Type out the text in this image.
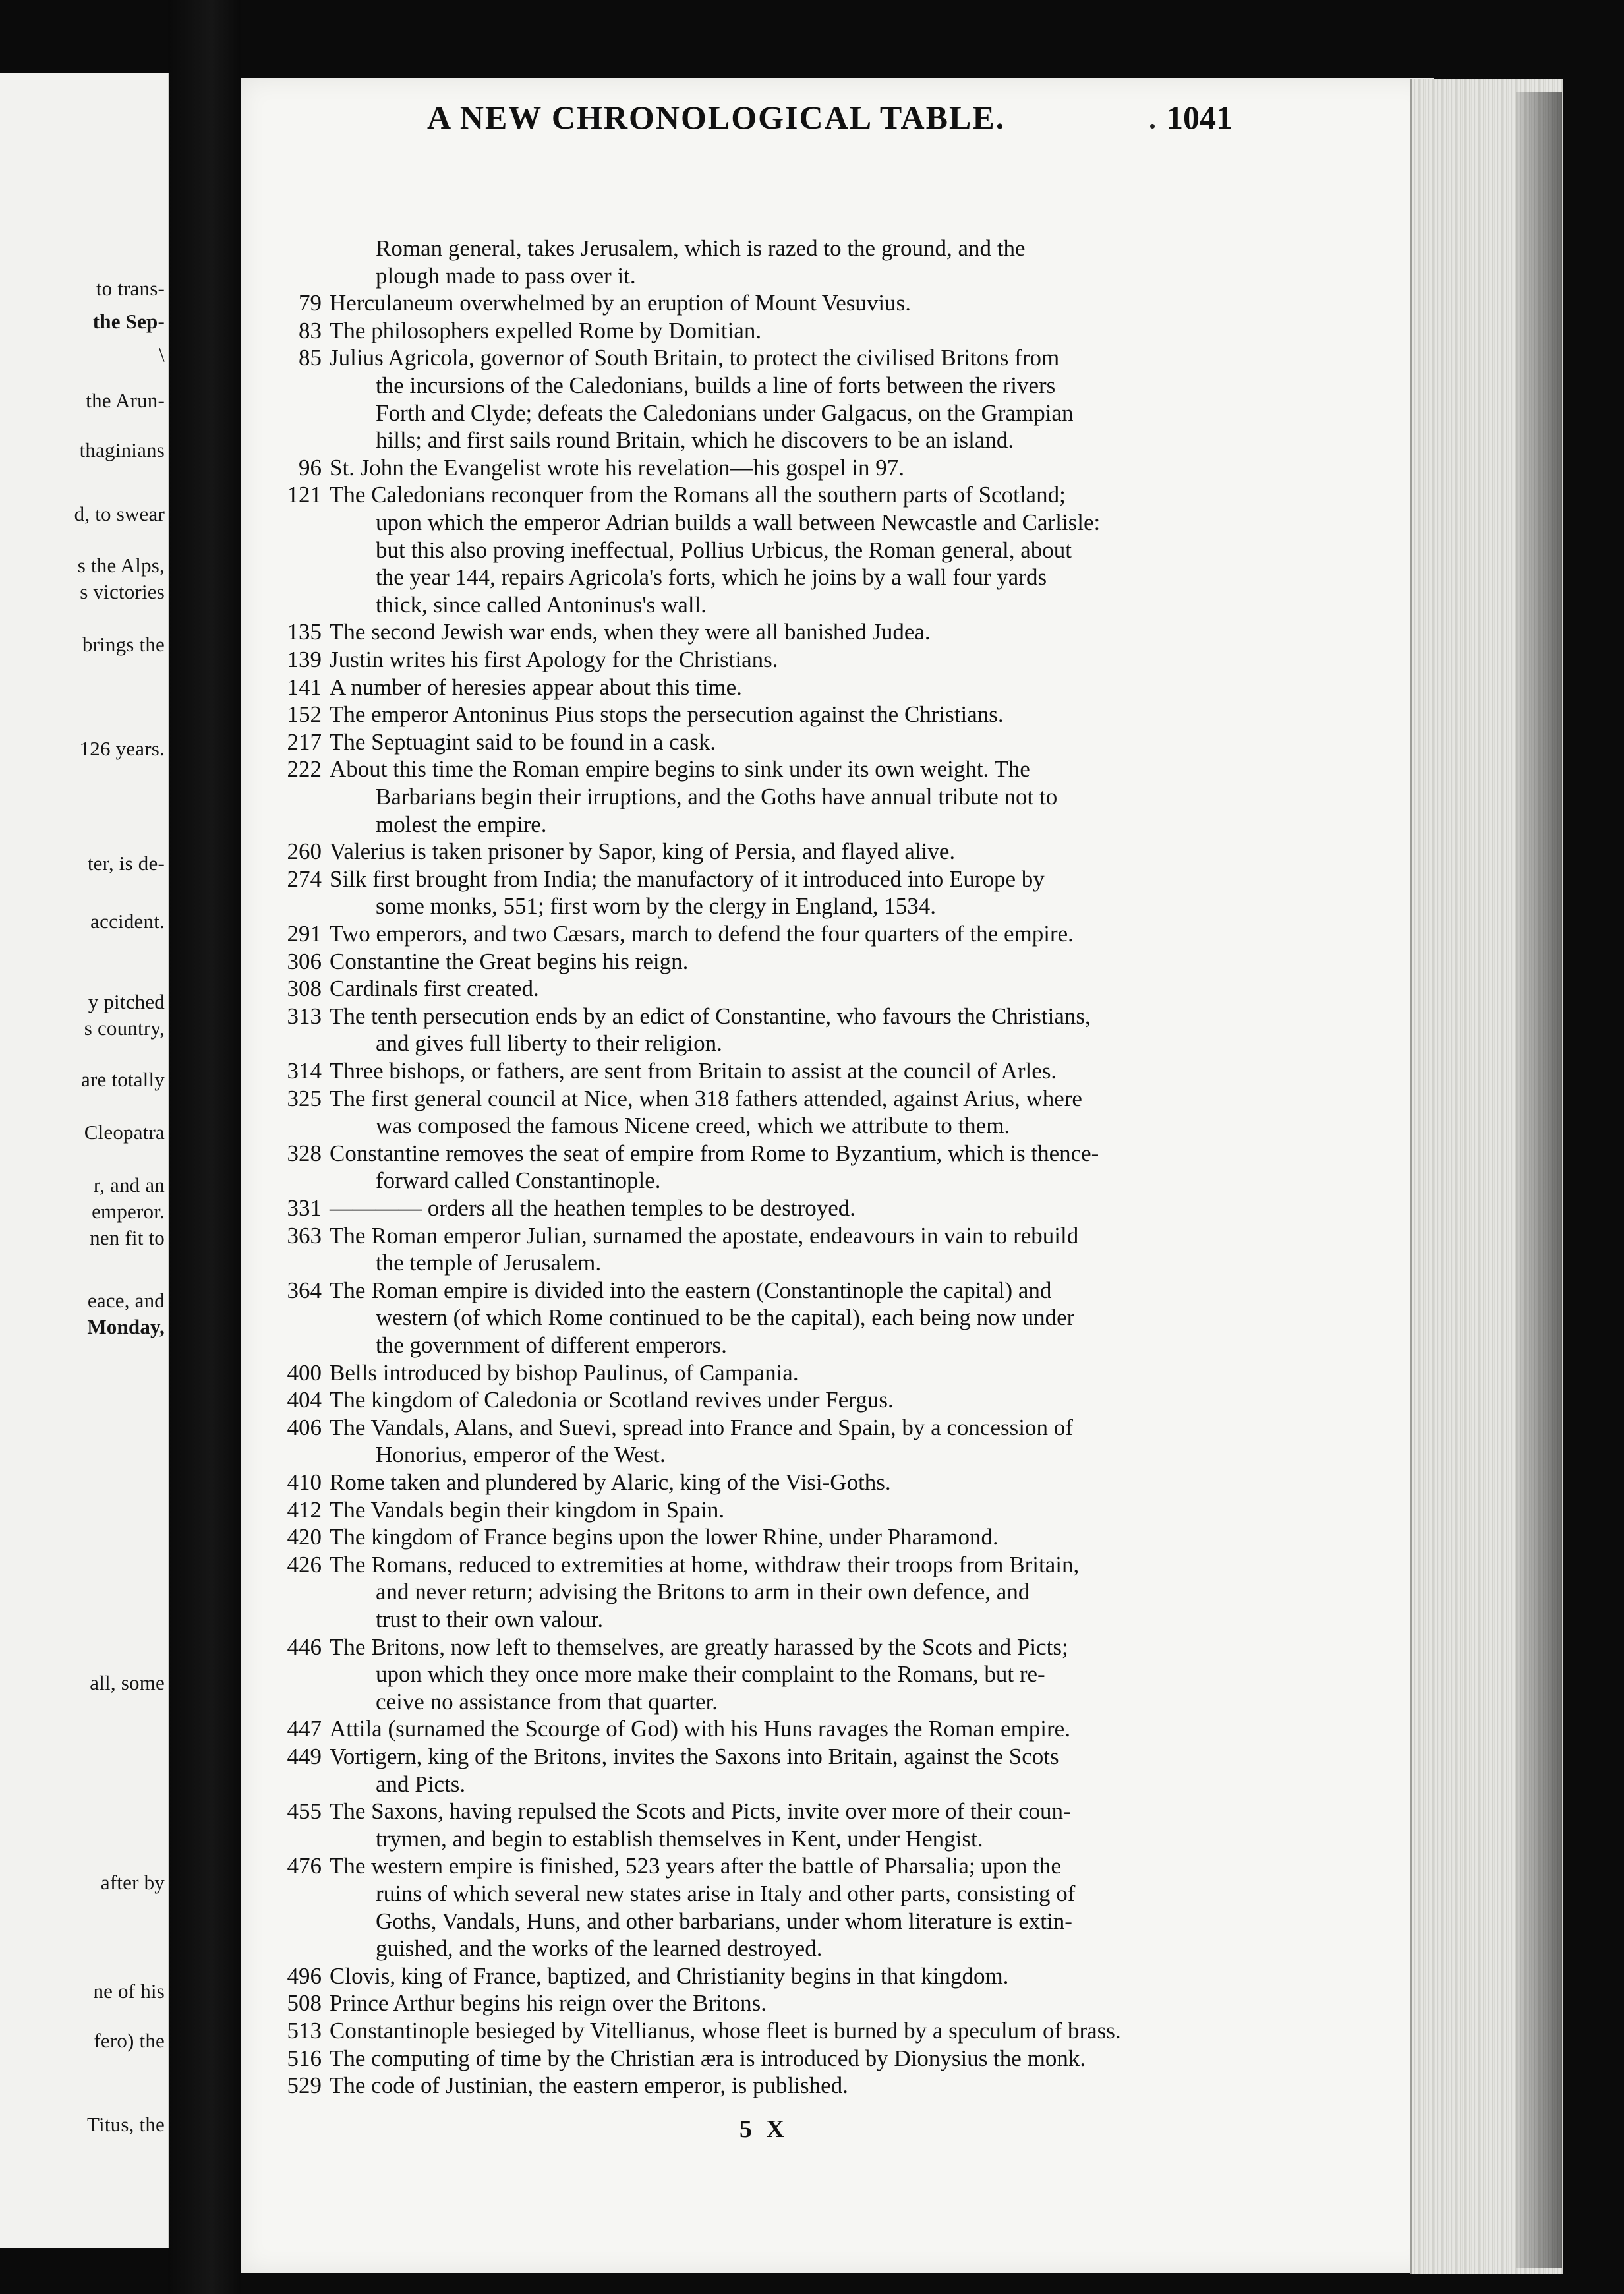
A NEW CHRONOLOGICAL TABLE.	1041
to trans-
the Sep-
\
the Arun-
thaginians
d, to swear
s the Alps,
s victories
brings the
126 years.
ter, is de-
accident.
y pitched
s country,
are totally
Cleopatra
r, and an
emperor.
nen fit to
eace, and
Monday,
all, some
after by
ne of his
fero) the
Titus, the
Roman general, takes Jerusalem, which is razed to the ground, and the
plough made to pass over it.
79 Herculaneum overwhelmed by an eruption of Mount Vesuvius.
83 The philosophers expelled Rome by Domitian.
85 Julius Agricola, governor of South Britain, to protect the civilised Britons from
the incursions of the Caledonians, builds a line of forts between the rivers
Forth and Clyde; defeats the Caledonians under Galgacus, on the Grampian
hills; and first sails round Britain, which he discovers to be an island.
96 St. John the Evangelist wrote his revelation—his gospel in 97.
121 The Caledonians reconquer from the Romans all the southern parts of Scotland;
upon which the emperor Adrian builds a wall between Newcastle and Carlisle:
but this also proving ineffectual, Pollius Urbicus, the Roman general, about
the year 144, repairs Agricola's forts, which he joins by a wall four yards
thick, since called Antoninus's wall.
135 The second Jewish war ends, when they were all banished Judea.
139 Justin writes his first Apology for the Christians.
141 A number of heresies appear about this time.
152 The emperor Antoninus Pius stops the persecution against the Christians.
217 The Septuagint said to be found in a cask.
222 About this time the Roman empire begins to sink under its own weight. The
Barbarians begin their irruptions, and the Goths have annual tribute not to
molest the empire.
260 Valerius is taken prisoner by Sapor, king of Persia, and flayed alive.
274 Silk first brought from India; the manufactory of it introduced into Europe by
some monks, 551; first worn by the clergy in England, 1534.
291 Two emperors, and two Cæsars, march to defend the four quarters of the empire.
306 Constantine the Great begins his reign.
308 Cardinals first created.
313 The tenth persecution ends by an edict of Constantine, who favours the Christians,
and gives full liberty to their religion.
314 Three bishops, or fathers, are sent from Britain to assist at the council of Arles.
325 The first general council at Nice, when 318 fathers attended, against Arius, where
was composed the famous Nicene creed, which we attribute to them.
328 Constantine removes the seat of empire from Rome to Byzantium, which is thence-
forward called Constantinople.
331 ———— orders all the heathen temples to be destroyed.
363 The Roman emperor Julian, surnamed the apostate, endeavours in vain to rebuild
the temple of Jerusalem.
364 The Roman empire is divided into the eastern (Constantinople the capital) and
western (of which Rome continued to be the capital), each being now under
the government of different emperors.
400 Bells introduced by bishop Paulinus, of Campania.
404 The kingdom of Caledonia or Scotland revives under Fergus.
406 The Vandals, Alans, and Suevi, spread into France and Spain, by a concession of
Honorius, emperor of the West.
410 Rome taken and plundered by Alaric, king of the Visi-Goths.
412 The Vandals begin their kingdom in Spain.
420 The kingdom of France begins upon the lower Rhine, under Pharamond.
426 The Romans, reduced to extremities at home, withdraw their troops from Britain,
and never return; advising the Britons to arm in their own defence, and
trust to their own valour.
446 The Britons, now left to themselves, are greatly harassed by the Scots and Picts;
upon which they once more make their complaint to the Romans, but re-
ceive no assistance from that quarter.
447 Attila (surnamed the Scourge of God) with his Huns ravages the Roman empire.
449 Vortigern, king of the Britons, invites the Saxons into Britain, against the Scots
and Picts.
455 The Saxons, having repulsed the Scots and Picts, invite over more of their coun-
trymen, and begin to establish themselves in Kent, under Hengist.
476 The western empire is finished, 523 years after the battle of Pharsalia; upon the
ruins of which several new states arise in Italy and other parts, consisting of
Goths, Vandals, Huns, and other barbarians, under whom literature is extin-
guished, and the works of the learned destroyed.
496 Clovis, king of France, baptized, and Christianity begins in that kingdom.
508 Prince Arthur begins his reign over the Britons.
513 Constantinople besieged by Vitellianus, whose fleet is burned by a speculum of brass.
516 The computing of time by the Christian æra is introduced by Dionysius the monk.
529 The code of Justinian, the eastern emperor, is published.
5 X
